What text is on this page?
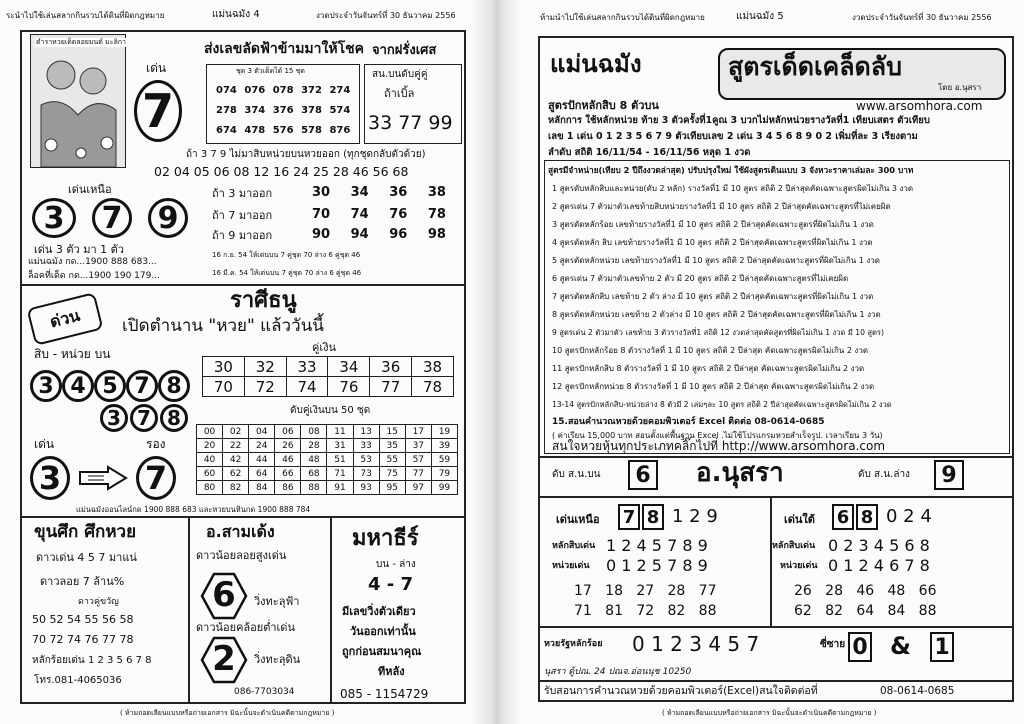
ระนำไปใช้เล่นสลากกินรวบได้ดินที่ผิดกฎหมาย	แม่นฉมัง 4	งวดประจำวันจันทร์ที่ 30 ธันวาคม 2556
ตำราหวยเด็ดลอยมนต์ มะลิกา	ส่งเลขลัดฟ้าข้ามมาให้โชค จากฝรั่งเศส
เด่น
7
ชุด 3 ตัวเด็ดได้ 15 ชุด
074 076 078 372 274
278 374 376 378 574
674 478 576 578 876
สน.บนดับคู่คู่
ถ้าเบิ้ล
33 77 99
ถ้า 3 7 9 ไม่มาสิบหน่วยบนหวยออก (ทุกชุดกลับตัวด้วย)
02 04 05 06 08 12 16 24 25 28 46 56 68
เด่นเหนือ
3	7	9
ถ้า 3 มาออก	30 34 36 38
ถ้า 7 มาออก	70 74 76 78
ถ้า 9 มาออก	90 94 96 98
เด่น 3 ตัว มา 1 ตัว
แม่นฉมัง กด...1900 888 683...
ล็อคที่เด็ด กด...1900 190 179...
16 ก.ย. 54 ให้เด่นบน 7 คู่ชุด 70 ล่าง 6 คู่ชุด 46
16 มี.ค. 54 ให้เด่นบน 7 คู่ชุด 70 ล่าง 6 คู่ชุด 46
ด่วน
ราศีธนู
เปิดตำนาน "หวย" แล้ววันนี้
สิบ - หน่วย บน
3 4 5 7 8
คู่เงิน
30	32	33	34	36	38
70	72	74	76	77	78
3 7 8	ดับคู่เงินบน 50 ชุด
00	02	04	06	08	11	13	15	17	19
20	22	24	26	28	31	33	35	37	39
40	42	44	46	48	51	53	55	57	59
60	62	64	66	68	71	73	75	77	79
80	82	84	86	88	91	93	95	97	99
เด่น
3
รอง
7
แม่นฉมังออนไลน์กด 1900 888 683 และหวยบนหินกด 1900 888 784
ขุนศึก ศึกหวย
ดาวเด่น 4 5 7 มาแน่
ดาวลอย 7 ล้าน%
ดาวคู่ขวัญ
50 52 54 55 56 58
70 72 74 76 77 78
หลักร้อยเด่น 1 2 3 5 6 7 8
โทร.081-4065036
อ.สามเด้ง
ดาวน้อยลอยสูงเด่น
6	วิ่งทะลุฟ้า
ดาวน้อยคล้อยต่ำเด่น
2	วิ่งทะลุดิน
086-7703034
มหาธีร์
บน - ล่าง
4 - 7
มีเลขวิ่งตัวเดียว
วันออกเท่านั้น
ถูกก่อนสมนาคุณ
ทีหลัง
085 - 1154729
( ห้ามถอดเลียนแบบหรือถ่ายเอกสาร มิฉะนั้นจะดำเนินคดีตามกฎหมาย )
ห้ามนำไปใช้เล่นสลากกินรวบได้ดินที่ผิดกฎหมาย	แม่นฉมัง 5	งวดประจำวันจันทร์ที่ 30 ธันวาคม 2556
แม่นฉมัง	สูตรเด็ดเคล็ดลับ
โดย อ.นุสรา
www.arsomhora.com
สูตรปักหลักสิบ 8 ตัวบน
หลักการ ใช้หลักหน่วย ท้าย 3 ตัวครั้งที่1คูณ 3 บวกไม่หลักหน่วยรางวัลที่1 เทียบเสตร ตัวเทียบ
เลข 1 เด่น 0 1 2 3 5 6 7 9 ตัวเทียบเลข 2 เด่น 3 4 5 6 8 9 0 2 เพิ่มที่ละ 3 เรียงตาม
ลำดับ สถิติ 16/11/54 - 16/11/56 หลุด 1 งวด
สูตรมีจำหน่าย(เทียบ 2 ปีถึงงวดล่าสุด) ปรับปรุงใหม่ ใช้ผังสูตรเดินแบบ 3 จังหวะราคาเล่มละ 300 บาท
1 สูตรดับหลักสิบและหน่วย(ดับ 2 หลัก) รางวัลที่1 มี 10 สูตร สถิติ 2 ปีล่าสุดคัดเฉพาะสูตรผิดไม่เกิน 3 งวด
2 สูตรเด่น 7 ตัวมาตัวเลขท้ายสิบหน่วยรางวัลที่1 มี 10 สูตร สถิติ 2 ปีล่าสุดคัดเฉพาะสูตรที่ไม่เคยผิด
3 สูตรดัดหลักร้อย เลขท้ายรางวัลที่1 มี 10 สูตร สถิติ 2 ปีล่าสุดคัดเฉพาะสูตรที่ผิดไม่เกิน 1 งวด
4 สูตรตัดหลัก สิบ เลขท้ายรางวัลที่1 มี 10 สูตร สถิติ 2 ปีล่าสุดคัดเฉพาะสูตรที่ผิดไม่เกิน 1 งวด
5 สูตรตัดหลักหน่วย เลขท้ายรางวัลที่1 มี 10 สูตร สถิติ 2 ปีล่าสุดคัดเฉพาะสูตรที่ผิดไม่เกิน 1 งวด
6 สูตรเด่น 7 ตัวมาตัวเลขท้าย 2 ตัว มี 20 สูตร สถิติ 2 ปีล่าสุดคัดเฉพาะสูตรที่ไม่เคยผิด
7 สูตรตัดหลักสิบ เลขท้าย 2 ตัว ล่าง มี 10 สูตร สถิติ 2 ปีล่าสุดคัดเฉพาะสูตรที่ผิดไม่เกิน 1 งวด
8 สูตรตัดหลักหน่วย เลขท้าย 2 ตัวล่าง มี 10 สูตร สถิติ 2 ปีล่าสุดคัดเฉพาะสูตรที่ผิดไม่เกิน 1 งวด
9 สูตรเด่น 2 ตัวมาตัว เลขท้าย 3 ตัวรางวัลที่1 สถิติ 12 งวดล่าสุดคัดสูตรที่ผิดไม่เกิน 1 งวด มี 10 สูตร)
10 สูตรปักหลักร้อย 8 ตัวรางวัลที่ 1 มี 10 สูตร สถิติ 2 ปีล่าสุด คัดเฉพาะสูตรผิดไม่เกิน 2 งวด
11 สูตรปักหลักสิบ 8 ตัวรางวัลที่ 1 มี 10 สูตร สถิติ 2 ปีล่าสุด คัดเฉพาะสูตรผิดไม่เกิน 2 งวด
12 สูตรปักหลักหน่วย 8 ตัวรางวัลที่ 1 มี 10 สูตร สถิติ 2 ปีล่าสุด คัดเฉพาะสูตรผิดไม่เกิน 2 งวด
13-14 สูตรปักหลักสิบ-หน่วยล่าง 8 ตัวมี 2 เล่มๆละ 10 สูตร สถิติ 2 ปีล่าสุดคัดเฉพาะสูตรผิดไม่เกิน 2 งวด
15.สอนคำนวณหวยด้วยคอมพิวเตอร์ Excel ติดต่อ 08-0614-0685
( ค่าเรียน 15,000 บาท สอนตั้งแต่พื้นฐาน Excel .ไม่ใช้โปรแกรมหวยสำเร็จรูป. เวลาเรียน 3 วัน)
สนใจหวยหุ้นทุกประเภทคลิ๊กไปที่ http://www.arsomhora.com
ดับ ส.น.บน	6 อ.นุสรา	ดับ ส.น.ล่าง	9
เด่นเหนือ 7 8 1 2 9
หลักสิบเด่น 1 2 4 5 7 8 9
หน่วยเด่น 0 1 2 5 7 8 9
17   18   27   28   77
71   81   72   82   88
เด่นใต้ 6 8 0 2 4
หลักสิบเด่น 0 2 3 4 5 6 8
หน่วยเด่น 0 1 2 4 6 7 8
26   28   46   48   66
62   82   64   84   88
หวยรัฐหลักร้อย 0 1 2 3 4 5 7	ซี่ซาย 0 & 1
นุสรา ตู้ปณ. 24 ปณจ.อ่อนนุช 10250
รับสอนการคำนวณหวยด้วยคอมพิวเตอร์(Excel)สนใจติดต่อที่	08-0614-0685
( ห้ามถอดเลียนแบบหรือถ่ายเอกสาร มิฉะนั้นจะดำเนินคดีตามกฎหมาย )
